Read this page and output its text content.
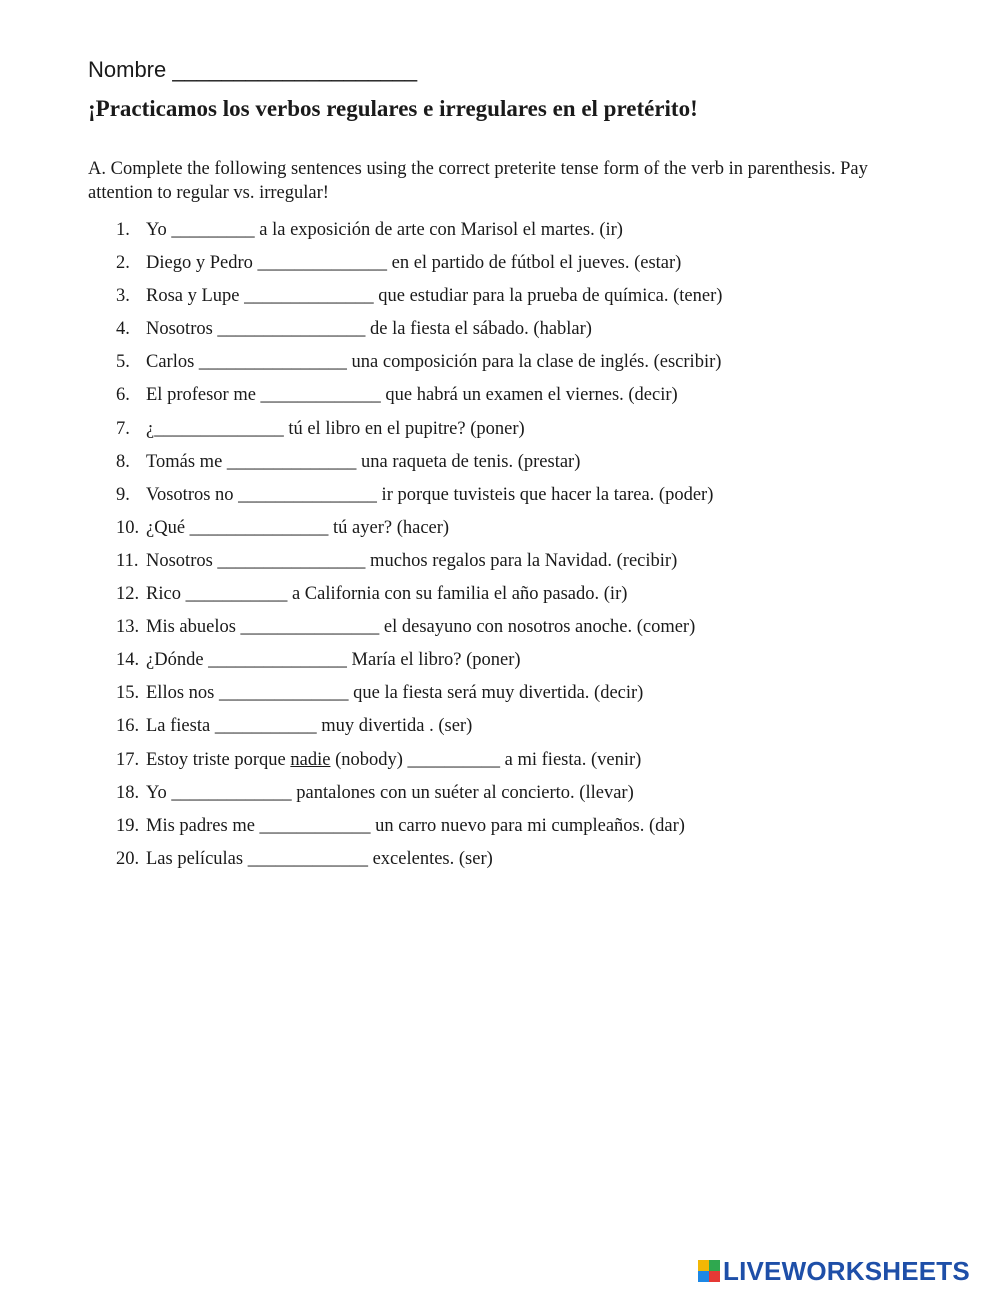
Nombre ____________________
¡Practicamos los verbos regulares e irregulares en el pretérito!
A. Complete the following sentences using the correct preterite tense form of the verb in parenthesis. Pay attention to regular vs. irregular!
1. Yo _________ a la exposición de arte con Marisol el martes. (ir)
2. Diego y Pedro ______________ en el partido de fútbol el jueves. (estar)
3. Rosa y Lupe ______________ que estudiar para la prueba de química. (tener)
4. Nosotros ________________ de la fiesta el sábado. (hablar)
5. Carlos ________________ una composición para la clase de inglés. (escribir)
6. El profesor me _____________ que habrá un examen el viernes. (decir)
7. ¿______________ tú el libro en el pupitre? (poner)
8. Tomás me ______________ una raqueta de tenis. (prestar)
9. Vosotros no _______________ ir porque tuvisteis que hacer la tarea. (poder)
10. ¿Qué _______________ tú ayer? (hacer)
11. Nosotros ________________ muchos regalos para la Navidad. (recibir)
12. Rico ___________ a California con su familia el año pasado. (ir)
13. Mis abuelos _______________ el desayuno con nosotros anoche. (comer)
14. ¿Dónde _______________ María el libro? (poner)
15. Ellos nos ______________ que la fiesta será muy divertida. (decir)
16. La fiesta ___________ muy divertida . (ser)
17. Estoy triste porque nadie (nobody) __________ a mi fiesta. (venir)
18. Yo _____________ pantalones con un suéter al concierto. (llevar)
19. Mis padres me ____________ un carro nuevo para mi cumpleaños. (dar)
20. Las películas _____________ excelentes. (ser)
LIVEWORKSHEETS
